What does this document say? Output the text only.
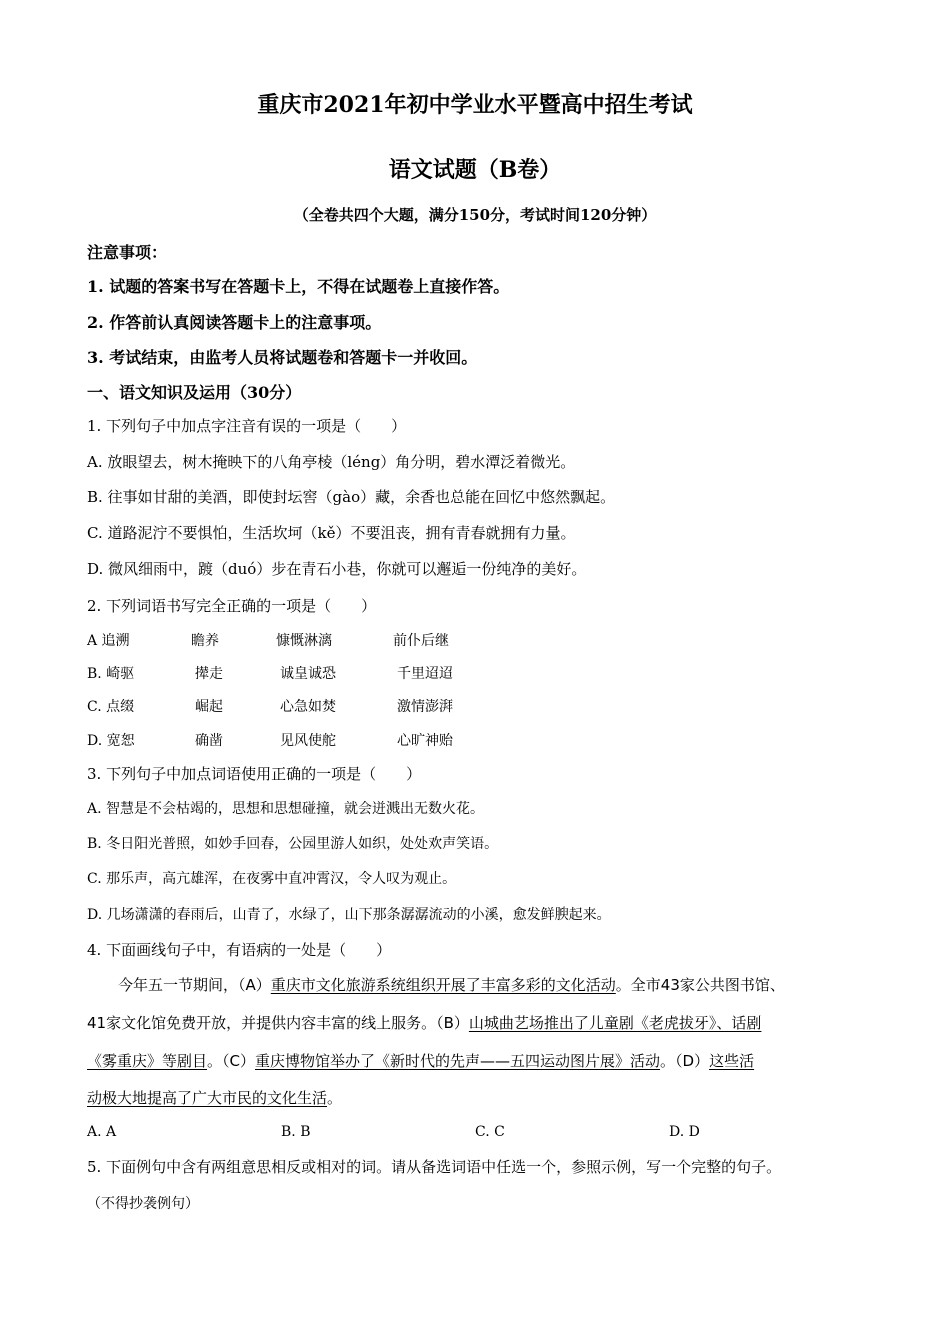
重庆市2021年初中学业水平暨高中招生考试
语文试题（B卷）
（全卷共四个大题，满分150分，考试时间120分钟）
注意事项：
1. 试题的答案书写在答题卡上，不得在试题卷上直接作答。
2. 作答前认真阅读答题卡上的注意事项。
3. 考试结束，由监考人员将试题卷和答题卡一并收回。
一、语文知识及运用（30分）
1. 下列句子中加点字注音有误的一项是（　　）
A. 放眼望去，树木掩映下的八角亭棱（léng）角分明，碧水潭泛着微光。
B. 往事如甘甜的美酒，即使封坛窖（gào）藏，余香也总能在回忆中悠然飘起。
C. 道路泥泞不要惧怕，生活坎坷（kě）不要沮丧，拥有青春就拥有力量。
D. 微风细雨中，踱（duó）步在青石小巷，你就可以邂逅一份纯净的美好。
2. 下列词语书写完全正确的一项是（　　）
A 追溯	瞻养	慷慨淋漓	前仆后继
B. 崎驱	撵走	诚皇诚恐	千里迢迢
C. 点缀	崛起	心急如焚	激情澎湃
D. 宽恕	确凿	见风使舵	心旷神贻
3. 下列句子中加点词语使用正确的一项是（　　）
A. 智慧是不会枯竭的，思想和思想碰撞，就会迸溅出无数火花。
B. 冬日阳光普照，如妙手回春，公园里游人如织，处处欢声笑语。
C. 那乐声，高亢雄浑，在夜雾中直冲霄汉，令人叹为观止。
D. 几场潇潇的春雨后，山青了，水绿了，山下那条潺潺流动的小溪，愈发鲜腴起来。
4. 下面画线句子中，有语病的一处是（　　）
今年五一节期间，（A）重庆市文化旅游系统组织开展了丰富多彩的文化活动。全市43家公共图书馆、
41家文化馆免费开放，并提供内容丰富的线上服务。（B）山城曲艺场推出了儿童剧《老虎拔牙》、话剧
《雾重庆》等剧目。（C）重庆博物馆举办了《新时代的先声——五四运动图片展》活动。（D）这些活
动极大地提高了广大市民的文化生活。
A. A	B. B	C. C	D. D
5. 下面例句中含有两组意思相反或相对的词。请从备选词语中任选一个，参照示例，写一个完整的句子。
（不得抄袭例句）
